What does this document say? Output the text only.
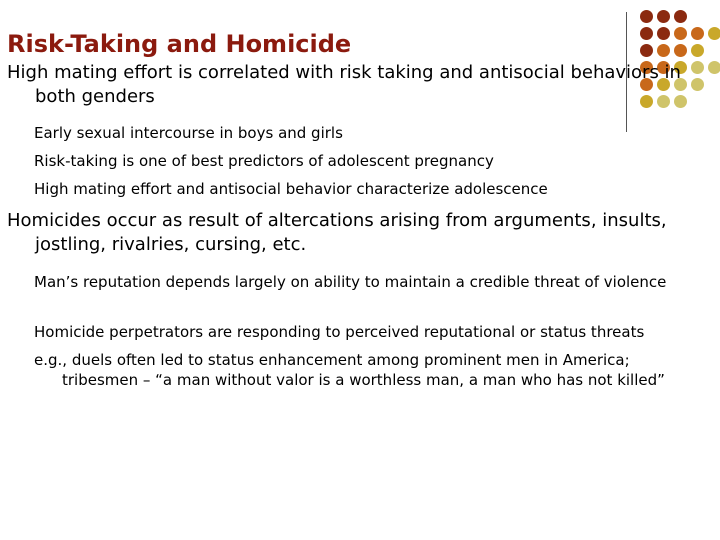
Risk-Taking and Homicide
High mating effort is correlated with risk taking and antisocial behaviors in both genders
Early sexual intercourse in boys and girls
Risk-taking is one of best predictors of adolescent pregnancy
High mating effort and antisocial behavior characterize adolescence
Homicides occur as result of altercations arising from arguments, insults, jostling, rivalries, cursing, etc.
Man’s reputation depends largely on ability to maintain a credible threat of violence
Homicide perpetrators are responding to perceived reputational or status threats
e.g., duels often led to status enhancement among prominent men in America; tribesmen – “a man without valor is a worthless man, a man who has not killed”
